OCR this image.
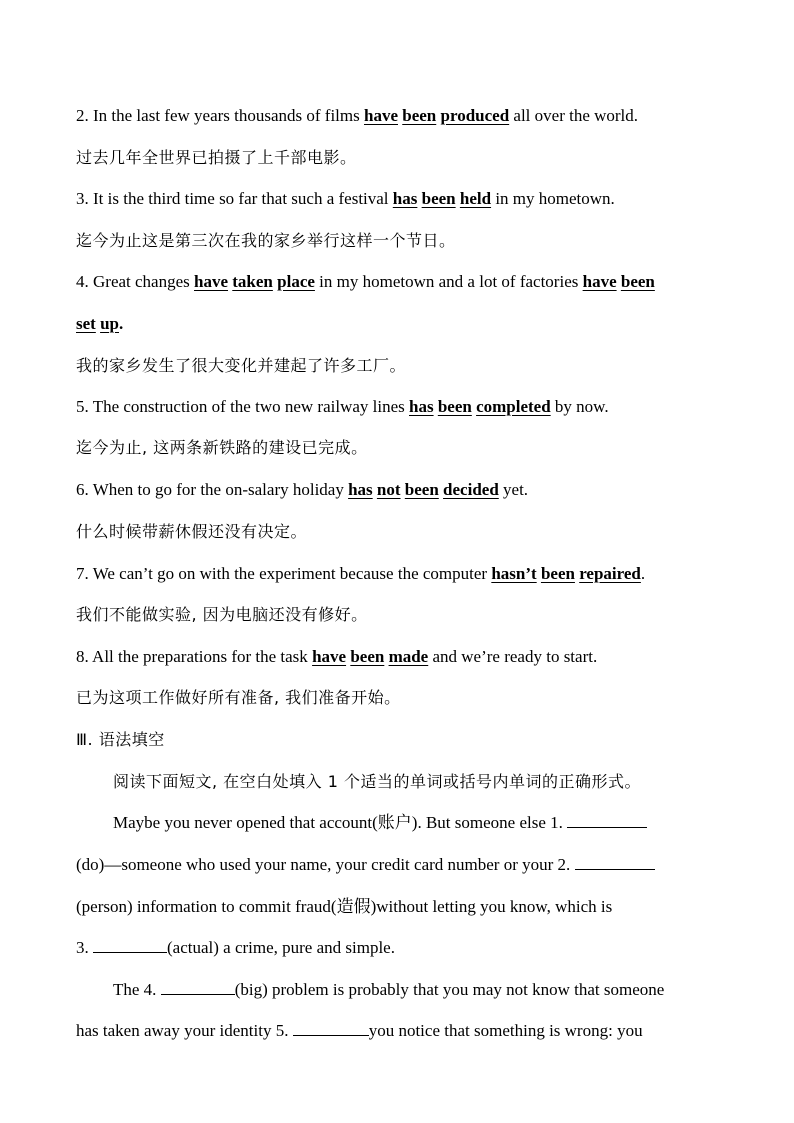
2. In the last few years thousands of films have been produced all over the world.
过去几年全世界已拍摄了上千部电影。
3. It is the third time so far that such a festival has been held in my hometown.
迄今为止这是第三次在我的家乡举行这样一个节日。
4. Great changes have taken place in my hometown and a lot of factories have been
set up.
我的家乡发生了很大变化并建起了许多工厂。
5. The construction of the two new railway lines has been completed by now.
迄今为止, 这两条新铁路的建设已完成。
6. When to go for the on-salary holiday has not been decided yet.
什么时候带薪休假还没有决定。
7. We can’t go on with the experiment because the computer hasn’t been repaired.
我们不能做实验, 因为电脑还没有修好。
8. All the preparations for the task have been made and we’re ready to start.
已为这项工作做好所有准备, 我们准备开始。
Ⅲ. 语法填空
阅读下面短文, 在空白处填入 1 个适当的单词或括号内单词的正确形式。
Maybe you never opened that account(账户). But someone else 1.
(do)—someone who used your name, your credit card number or your 2.
(person) information to commit fraud(造假)without letting you know, which is
3.	(actual) a crime, pure and simple.
The 4.	(big) problem is probably that you may not know that someone
has taken away your identity 5.	you notice that something is wrong: you
